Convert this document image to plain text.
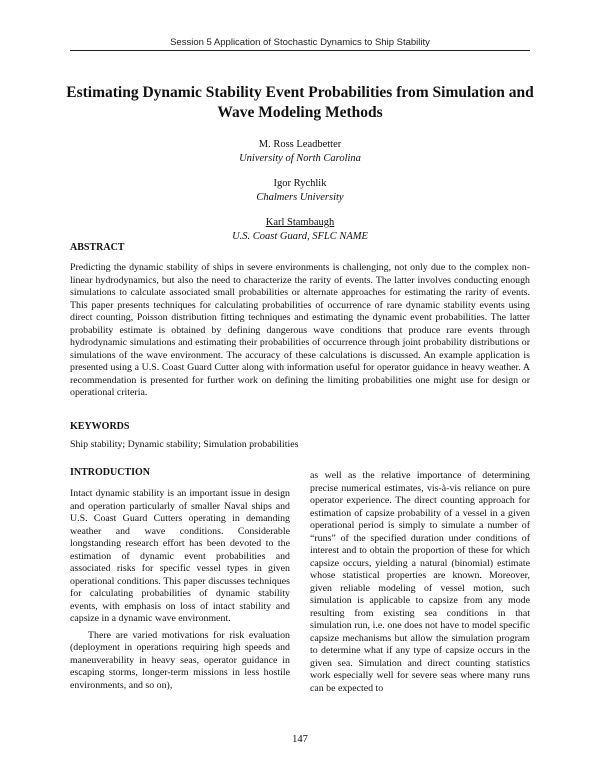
Session 5 Application of Stochastic Dynamics to Ship Stability
Estimating Dynamic Stability Event Probabilities from Simulation and Wave Modeling Methods
M. Ross Leadbetter
University of North Carolina
Igor Rychlik
Chalmers University
Karl Stambaugh
U.S. Coast Guard, SFLC NAME
ABSTRACT

Predicting the dynamic stability of ships in severe environments is challenging, not only due to the complex non-linear hydrodynamics, but also the need to characterize the rarity of events. The latter involves conducting enough simulations to calculate associated small probabilities or alternate approaches for estimating the rarity of events. This paper presents techniques for calculating probabilities of occurrence of rare dynamic stability events using direct counting, Poisson distribution fitting techniques and estimating the dynamic event probabilities. The latter probability estimate is obtained by defining dangerous wave conditions that produce rare events through hydrodynamic simulations and estimating their probabilities of occurrence through joint probability distributions or simulations of the wave environment. The accuracy of these calculations is discussed. An example application is presented using a U.S. Coast Guard Cutter along with information useful for operator guidance in heavy weather. A recommendation is presented for further work on defining the limiting probabilities one might use for design or operational criteria.

KEYWORDS

Ship stability; Dynamic stability; Simulation probabilities

INTRODUCTION

Intact dynamic stability is an important issue in design and operation particularly of smaller Naval ships and U.S. Coast Guard Cutters operating in demanding weather and wave conditions. Considerable longstanding research effort has been devoted to the estimation of dynamic event probabilities and associated risks for specific vessel types in given operational conditions. This paper discusses techniques for calculating probabilities of dynamic stability events, with emphasis on loss of intact stability and capsize in a dynamic wave environment.

There are varied motivations for risk evaluation (deployment in operations requiring high speeds and maneuverability in heavy seas, operator guidance in escaping storms, longer-term missions in less hostile environments, and so on),

as well as the relative importance of determining precise numerical estimates, vis-à-vis reliance on pure operator experience. The direct counting approach for estimation of capsize probability of a vessel in a given operational period is simply to simulate a number of “runs” of the specified duration under conditions of interest and to obtain the proportion of these for which capsize occurs, yielding a natural (binomial) estimate whose statistical properties are known. Moreover, given reliable modeling of vessel motion, such simulation is applicable to capsize from any mode resulting from existing sea conditions in that simulation run, i.e. one does not have to model specific capsize mechanisms but allow the simulation program to determine what if any type of capsize occurs in the given sea. Simulation and direct counting statistics work especially well for severe seas where many runs can be expected to

147
